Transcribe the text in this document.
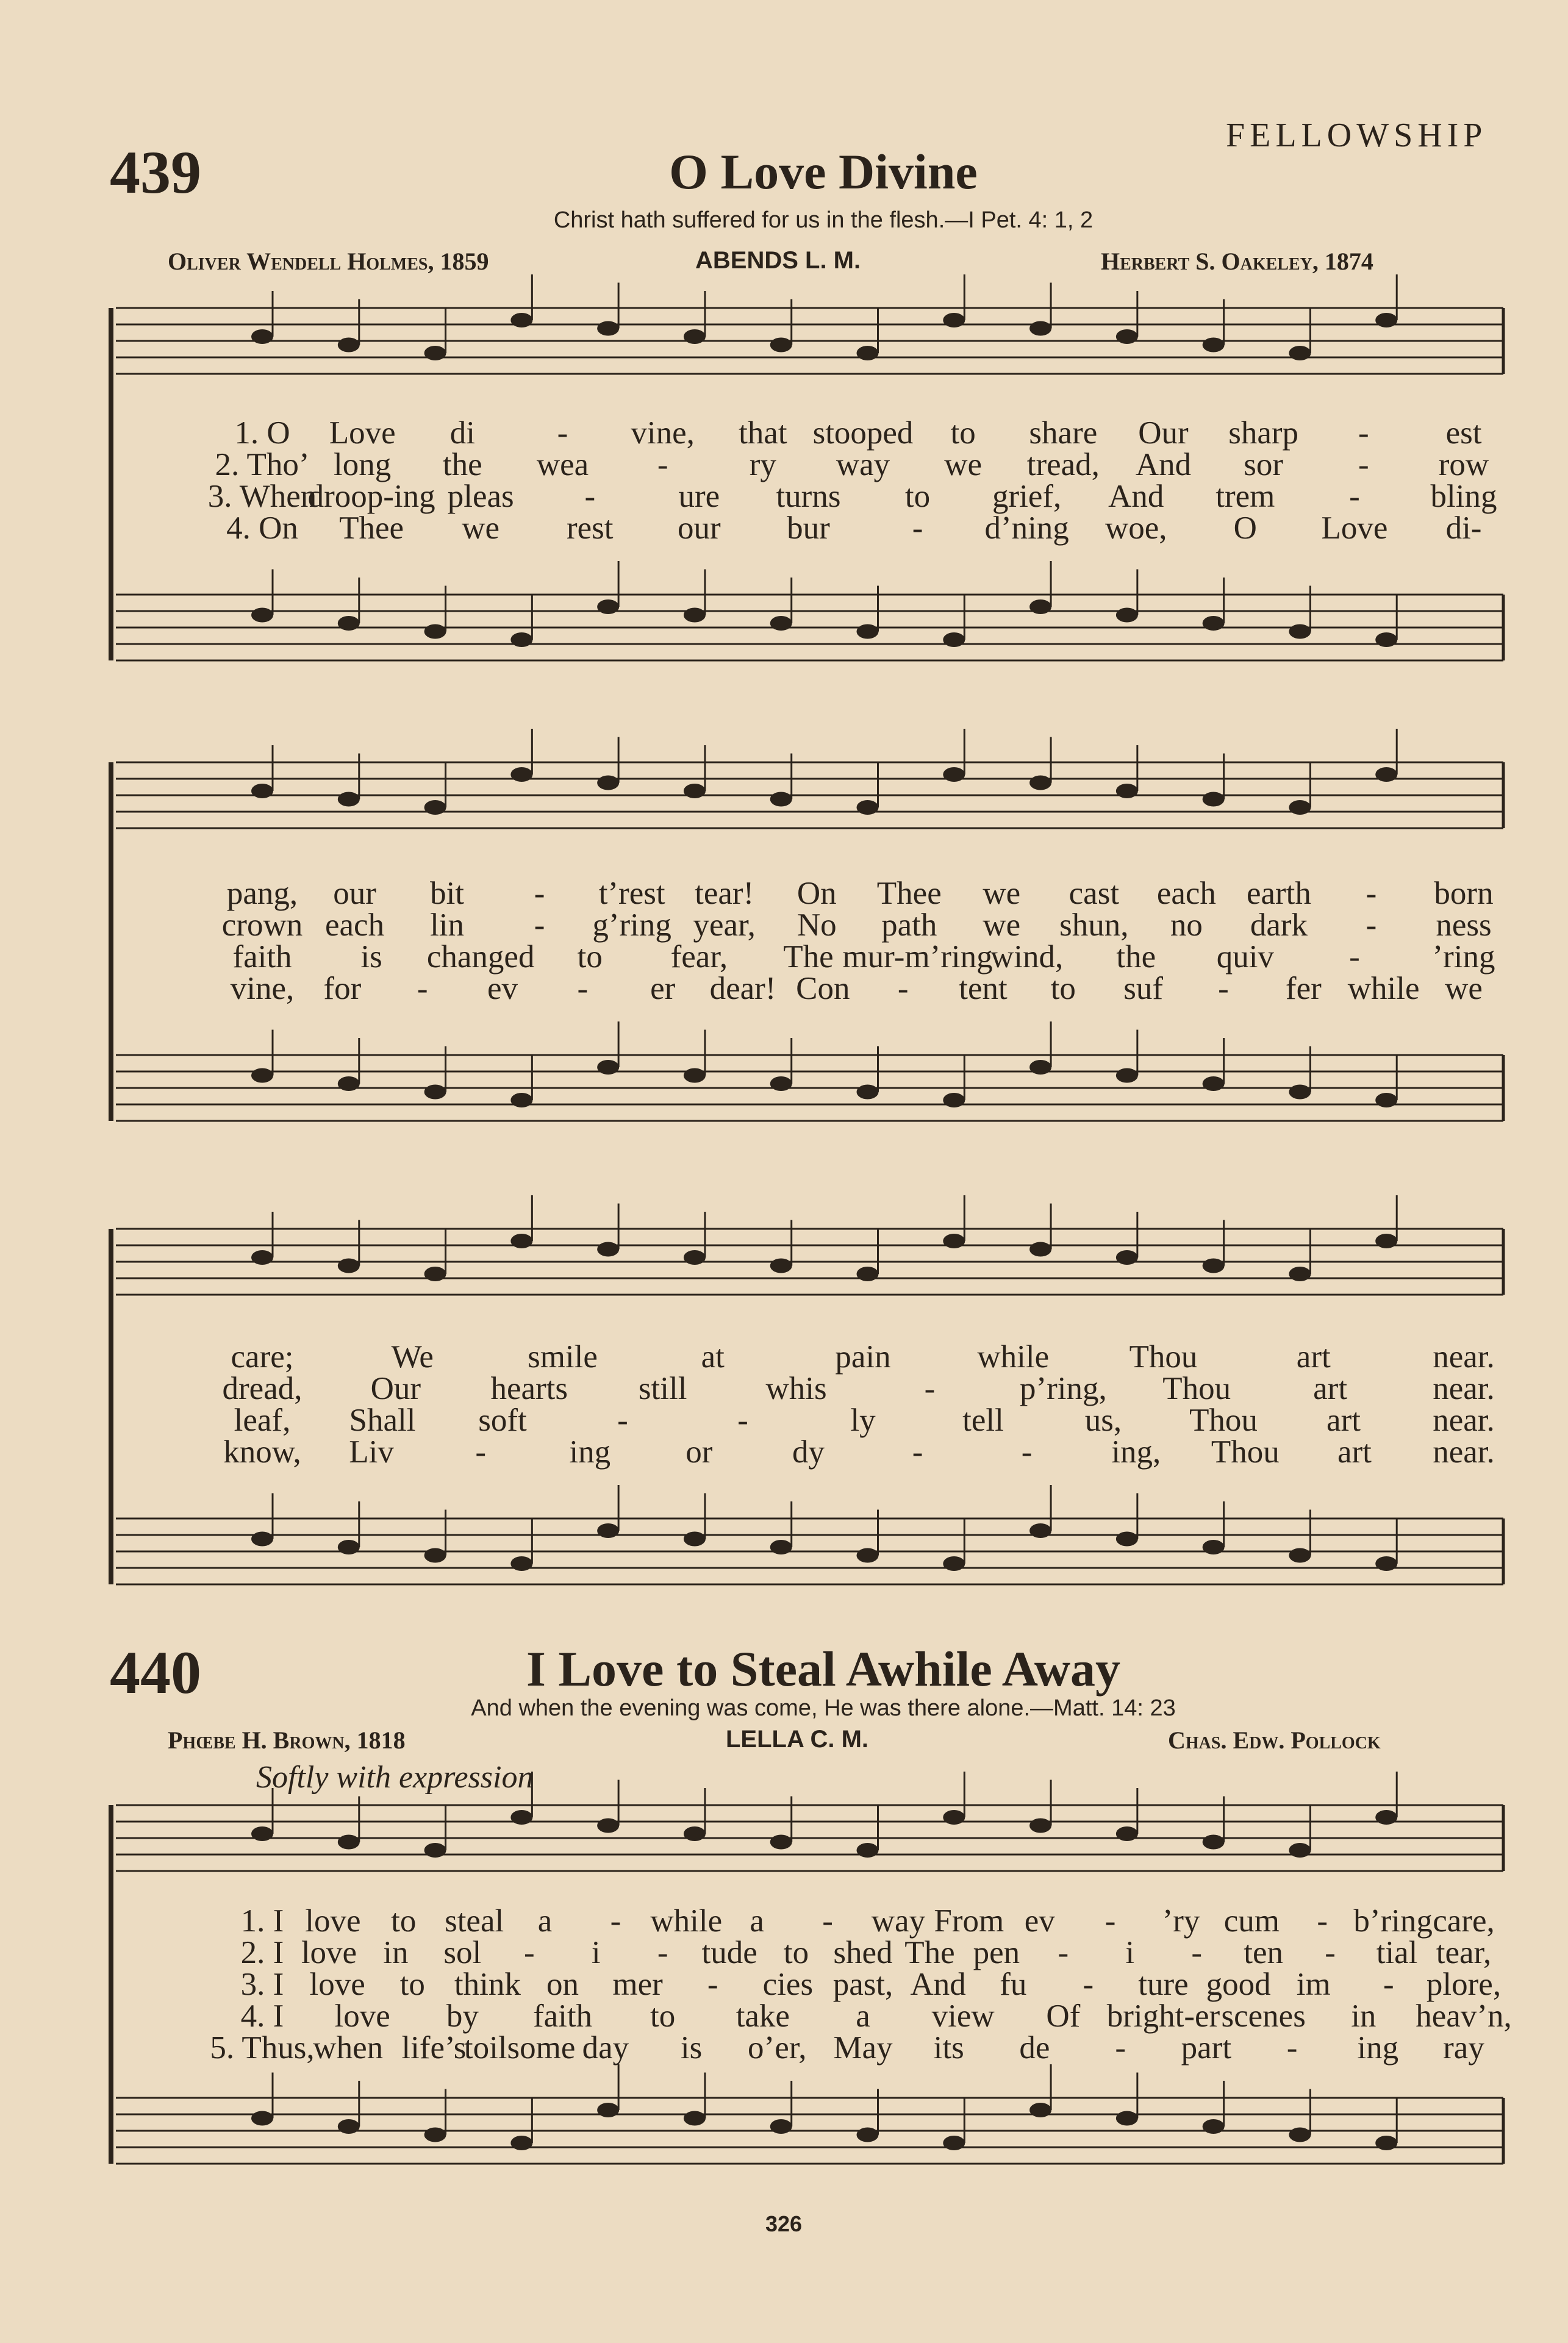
FELLOWSHIP
439	O Love Divine
Christ hath suffered for us in the flesh.—I Pet. 4: 1, 2
Oliver Wendell Holmes, 1859	ABENDS L. M.	Herbert S. Oakeley, 1874
440	I Love to Steal Awhile Away
And when the evening was come, He was there alone.—Matt. 14: 23
Phœbe H. Brown, 1818	LELLA C. M.	Chas. Edw. Pollock
Softly with expression
1. O Love di	- vine, that stooped to share Our sharp - est
2. Tho’ long the wea -	ry way we tread, And sor - row
3. When
droop-ing pleas -	ure turns to grief, And trem - bling
4. On Thee we rest our bur	- d’ning woe, O Love di-
pang, our bit - t’rest tear! On Thee we cast each earth - born
crown each lin - g’ring year, No path we shun, no dark - ness
faith is changed to fear, The mur-m’ring
wind, the quiv - ’ring
vine, for - ev - er dear! Con - tent to suf - fer while we
care;	We	smile	at	pain	while Thou	art	near.
dread, Our hearts still whis	-	p’ring, Thou	art	near.
leaf, Shall soft	-	-	ly	tell	us, Thou art near.
know, Liv	-	ing or dy	-	- ing, Thou art near.
1. I love to steal a - while a - way From ev - ’ry cum - b’ring care,
2. I love in sol - i - tude to shed The pen - i - ten - tial tear,
3. I love to think on mer - cies past, And fu - ture good im - plore,
4. I love by faith to take a view Of bright-er scenes in heav’n,
5. Thus,
when life’s
toilsome day is o’er, May its de - part - ing ray
326
